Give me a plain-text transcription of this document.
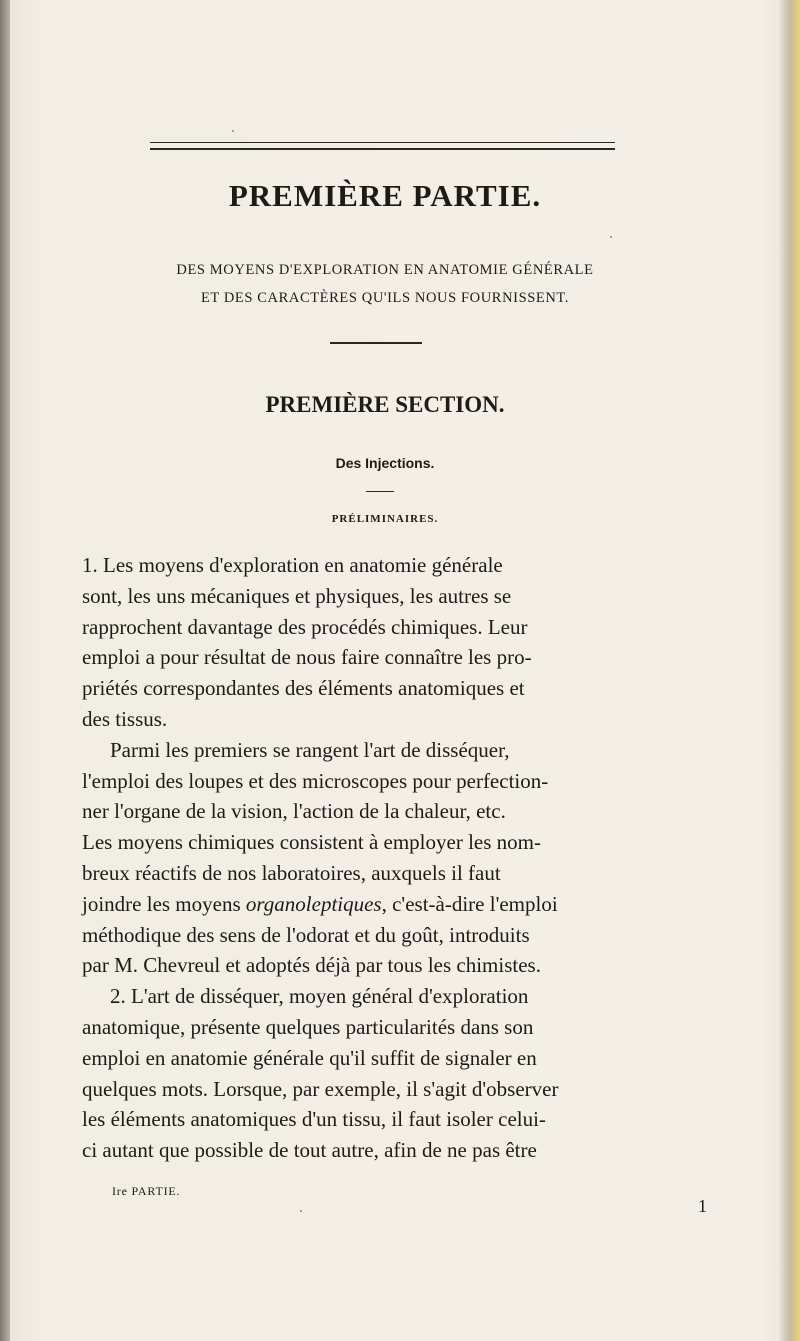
PREMIÈRE PARTIE.
DES MOYENS D'EXPLORATION EN ANATOMIE GÉNÉRALE
ET DES CARACTÈRES QU'ILS NOUS FOURNISSENT.
PREMIÈRE SECTION.
Des Injections.
PRÉLIMINAIRES.

1. Les moyens d'exploration en anatomie générale

sont, les uns mécaniques et physiques, les autres se

rapprochent davantage des procédés chimiques. Leur

emploi a pour résultat de nous faire connaître les pro-

priétés correspondantes des éléments anatomiques et

des tissus.

Parmi les premiers se rangent l'art de disséquer,

l'emploi des loupes et des microscopes pour perfection-

ner l'organe de la vision, l'action de la chaleur, etc.

Les moyens chimiques consistent à employer les nom-

breux réactifs de nos laboratoires, auxquels il faut

joindre les moyens organoleptiques, c'est-à-dire l'emploi

méthodique des sens de l'odorat et du goût, introduits

par M. Chevreul et adoptés déjà par tous les chimistes.

2. L'art de disséquer, moyen général d'exploration

anatomique, présente quelques particularités dans son

emploi en anatomie générale qu'il suffit de signaler en

quelques mots. Lorsque, par exemple, il s'agit d'observer

les éléments anatomiques d'un tissu, il faut isoler celui-

ci autant que possible de tout autre, afin de ne pas être

Ire PARTIE.
1
